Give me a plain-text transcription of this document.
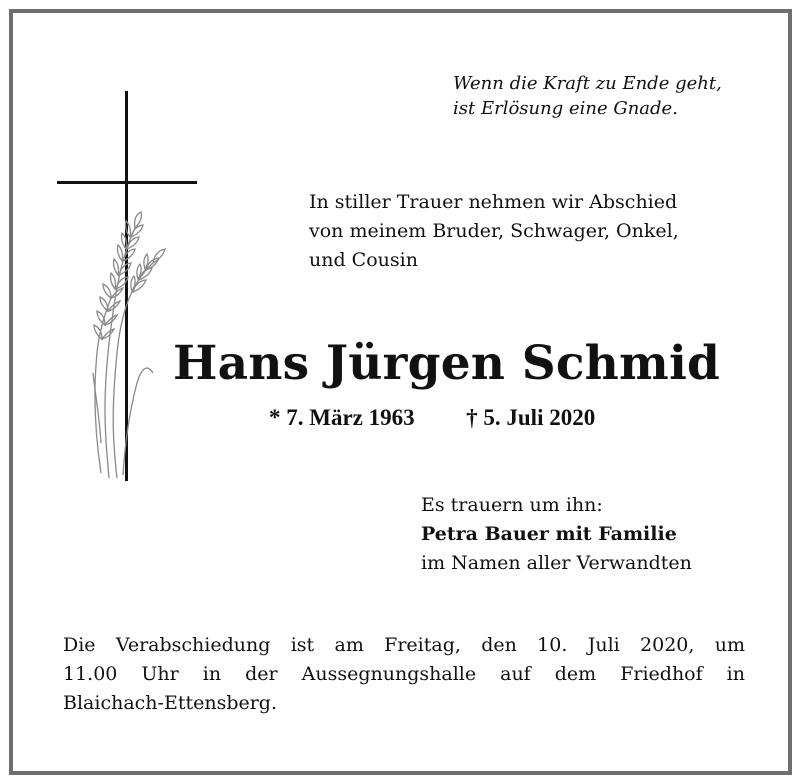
Wenn die Kraft zu Ende geht,
ist Erlösung eine Gnade.
In stiller Trauer nehmen wir Abschied
von meinem Bruder, Schwager, Onkel,
und Cousin
Hans Jürgen Schmid
* 7. März 1963 † 5. Juli 2020
Es trauern um ihn:
Petra Bauer mit Familie
im Namen aller Verwandten
Die Verabschiedung ist am Freitag, den 10. Juli 2020, um
11.00 Uhr in der Aussegnungshalle auf dem Friedhof in
Blaichach-Ettensberg.
